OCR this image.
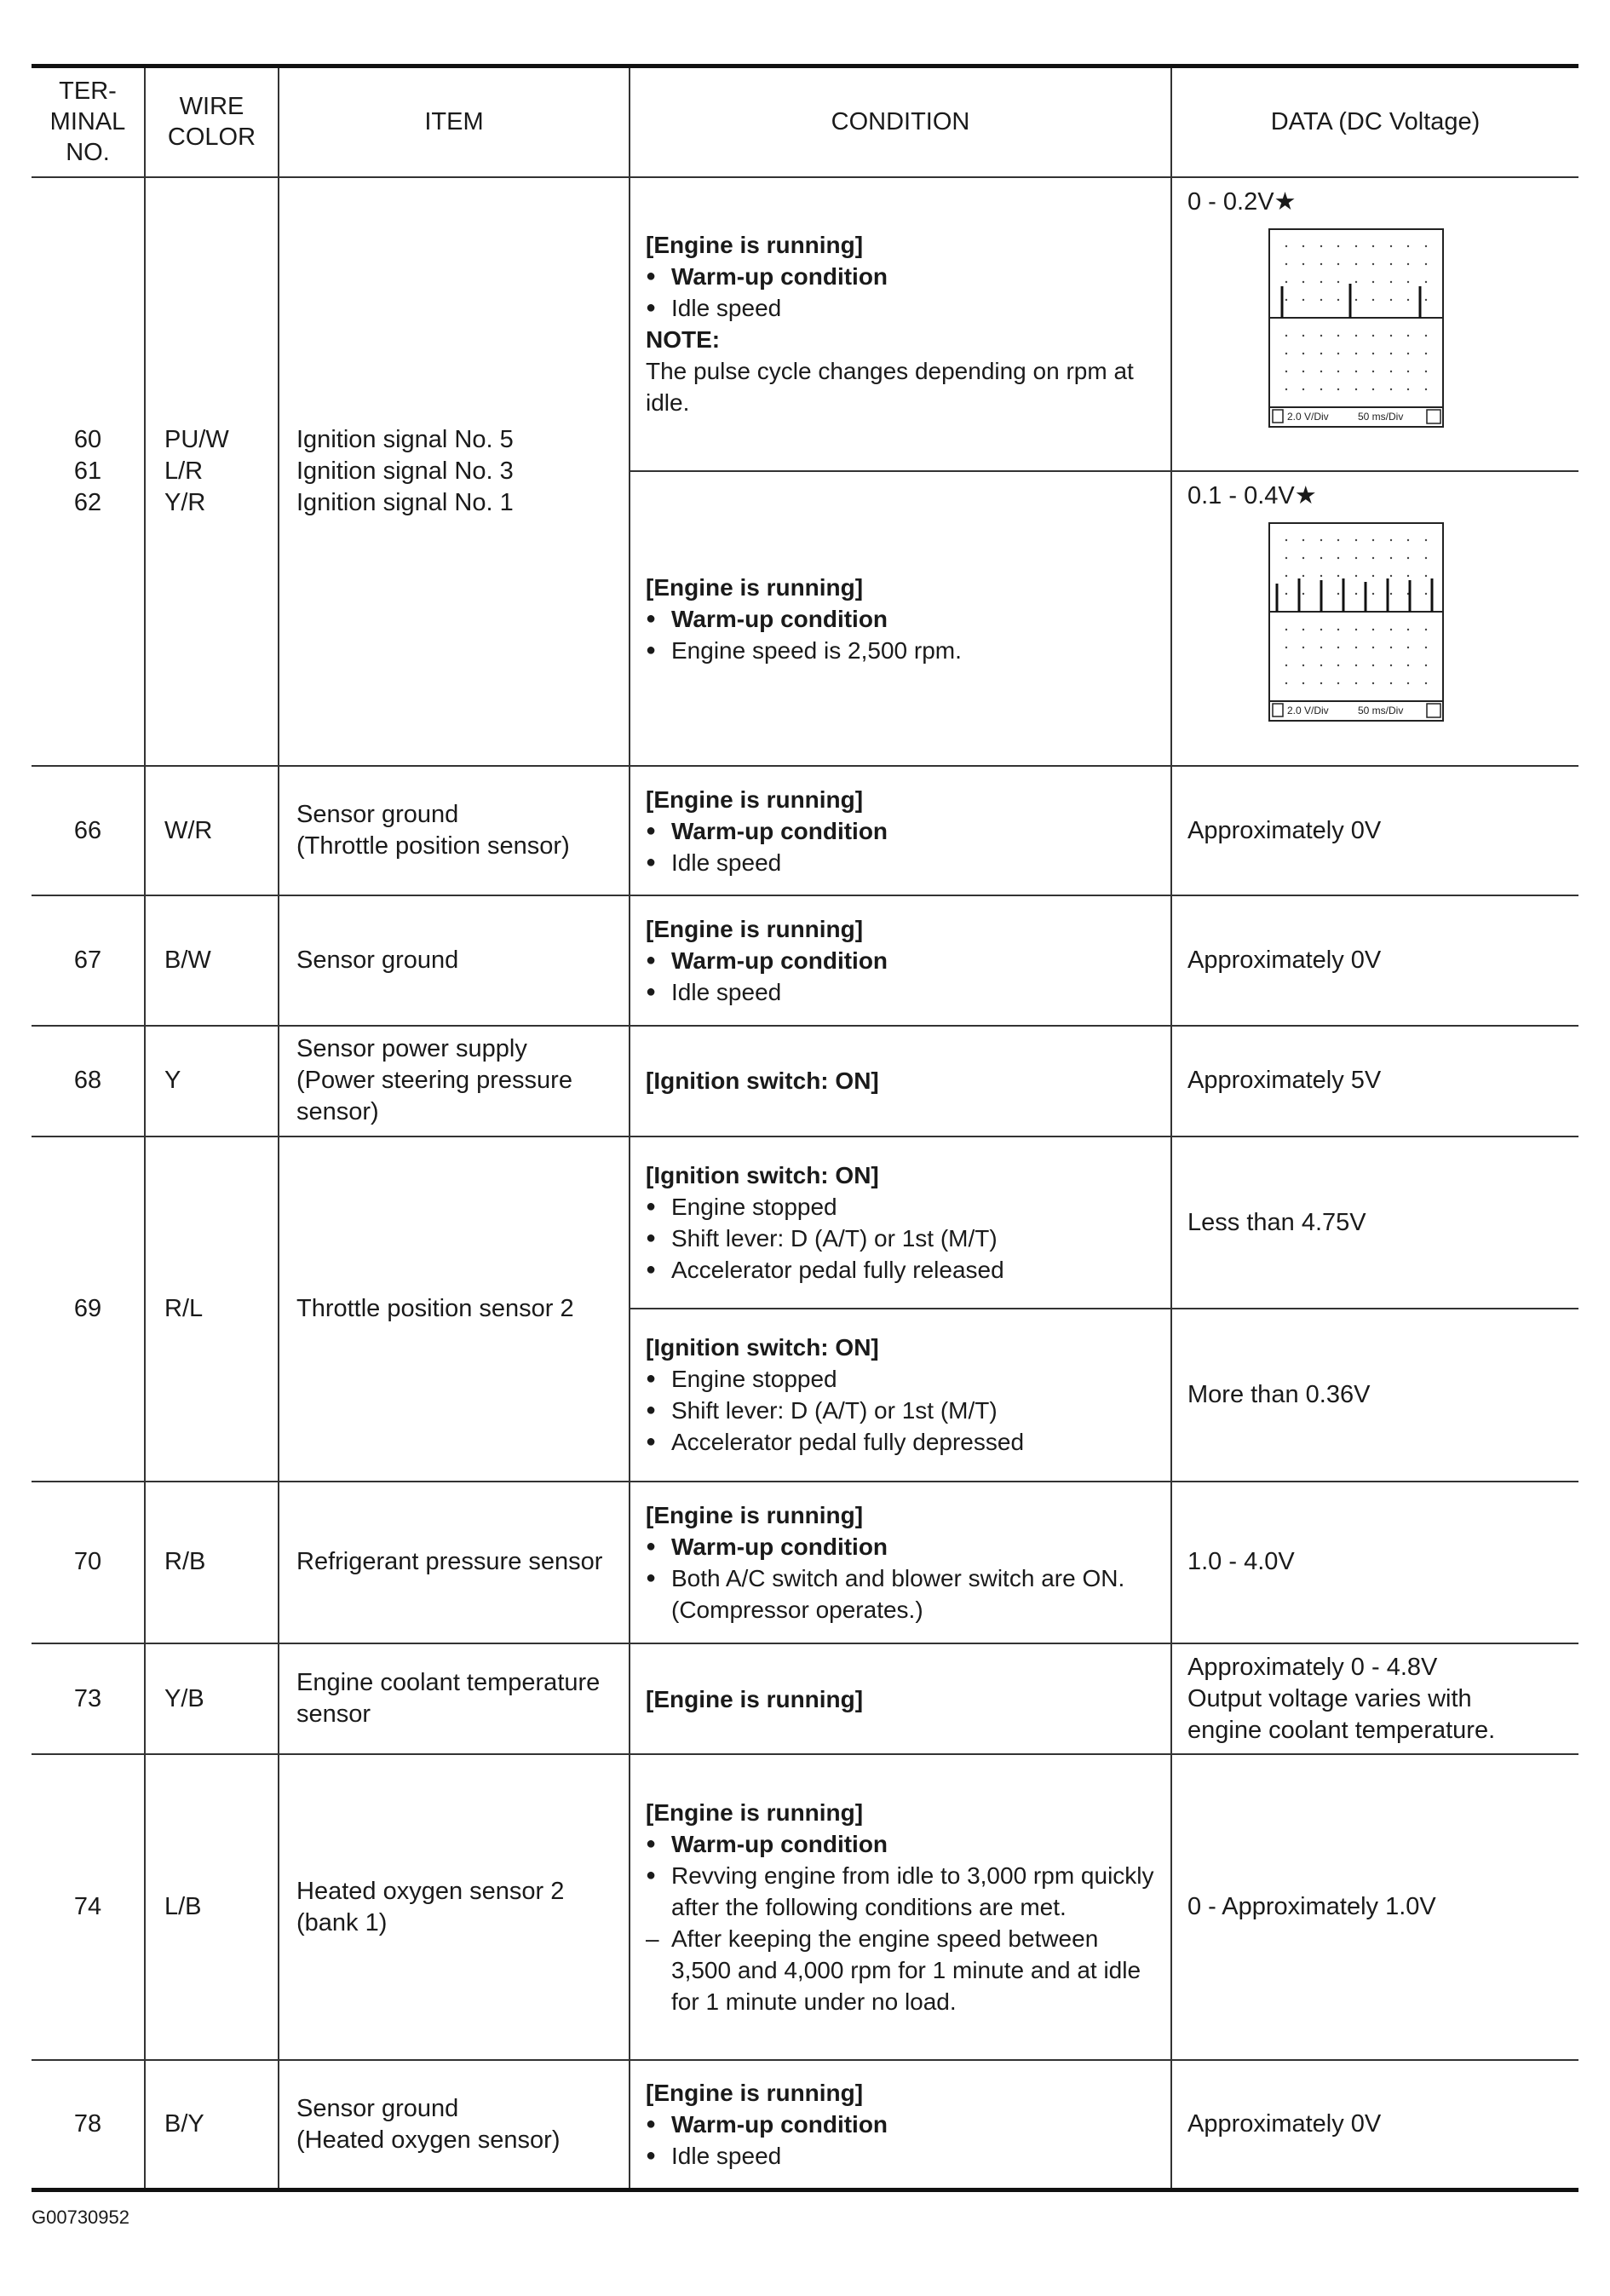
TER-
MINAL
NO.	WIRE
COLOR	ITEM	CONDITION	DATA (DC Voltage)

60
61
62	PU/W
L/R
Y/R	Ignition signal No. 5
Ignition signal No. 3
Ignition signal No. 1	[Engine is running]
● Warm-up condition
● Idle speed
NOTE:
The pulse cycle changes depending on rpm at idle.	0 - 0.2V★
2.0 V/Div 50 ms/Div

			[Engine is running]
● Warm-up condition
● Engine speed is 2,500 rpm.	0.1 - 0.4V★
2.0 V/Div 50 ms/Div

66	W/R	Sensor ground
(Throttle position sensor)	[Engine is running]
● Warm-up condition
● Idle speed	Approximately 0V
67	B/W	Sensor ground	[Engine is running]
● Warm-up condition
● Idle speed	Approximately 0V
68	Y	Sensor power supply
(Power steering pressure
sensor)	[Ignition switch: ON]	Approximately 5V
69	R/L	Throttle position sensor 2	[Ignition switch: ON]
● Engine stopped
● Shift lever: D (A/T) or 1st (M/T)
● Accelerator pedal fully released	Less than 4.75V

			[Ignition switch: ON]
● Engine stopped
● Shift lever: D (A/T) or 1st (M/T)
● Accelerator pedal fully depressed	More than 0.36V
70	R/B	Refrigerant pressure sensor	[Engine is running]
● Warm-up condition
● Both A/C switch and blower switch are ON. (Compressor operates.)	1.0 - 4.0V
73	Y/B	Engine coolant temperature
sensor	[Engine is running]	Approximately 0 - 4.8V
Output voltage varies with
engine coolant temperature.

74	L/B	Heated oxygen sensor 2
(bank 1)	[Engine is running]
● Warm-up condition
● Revving engine from idle to 3,000 rpm quickly after the following conditions are met.
– After keeping the engine speed between 3,500 and 4,000 rpm for 1 minute and at idle for 1 minute under no load.	0 - Approximately 1.0V
78	B/Y	Sensor ground
(Heated oxygen sensor)	[Engine is running]
● Warm-up condition
● Idle speed	Approximately 0V
G00730952
